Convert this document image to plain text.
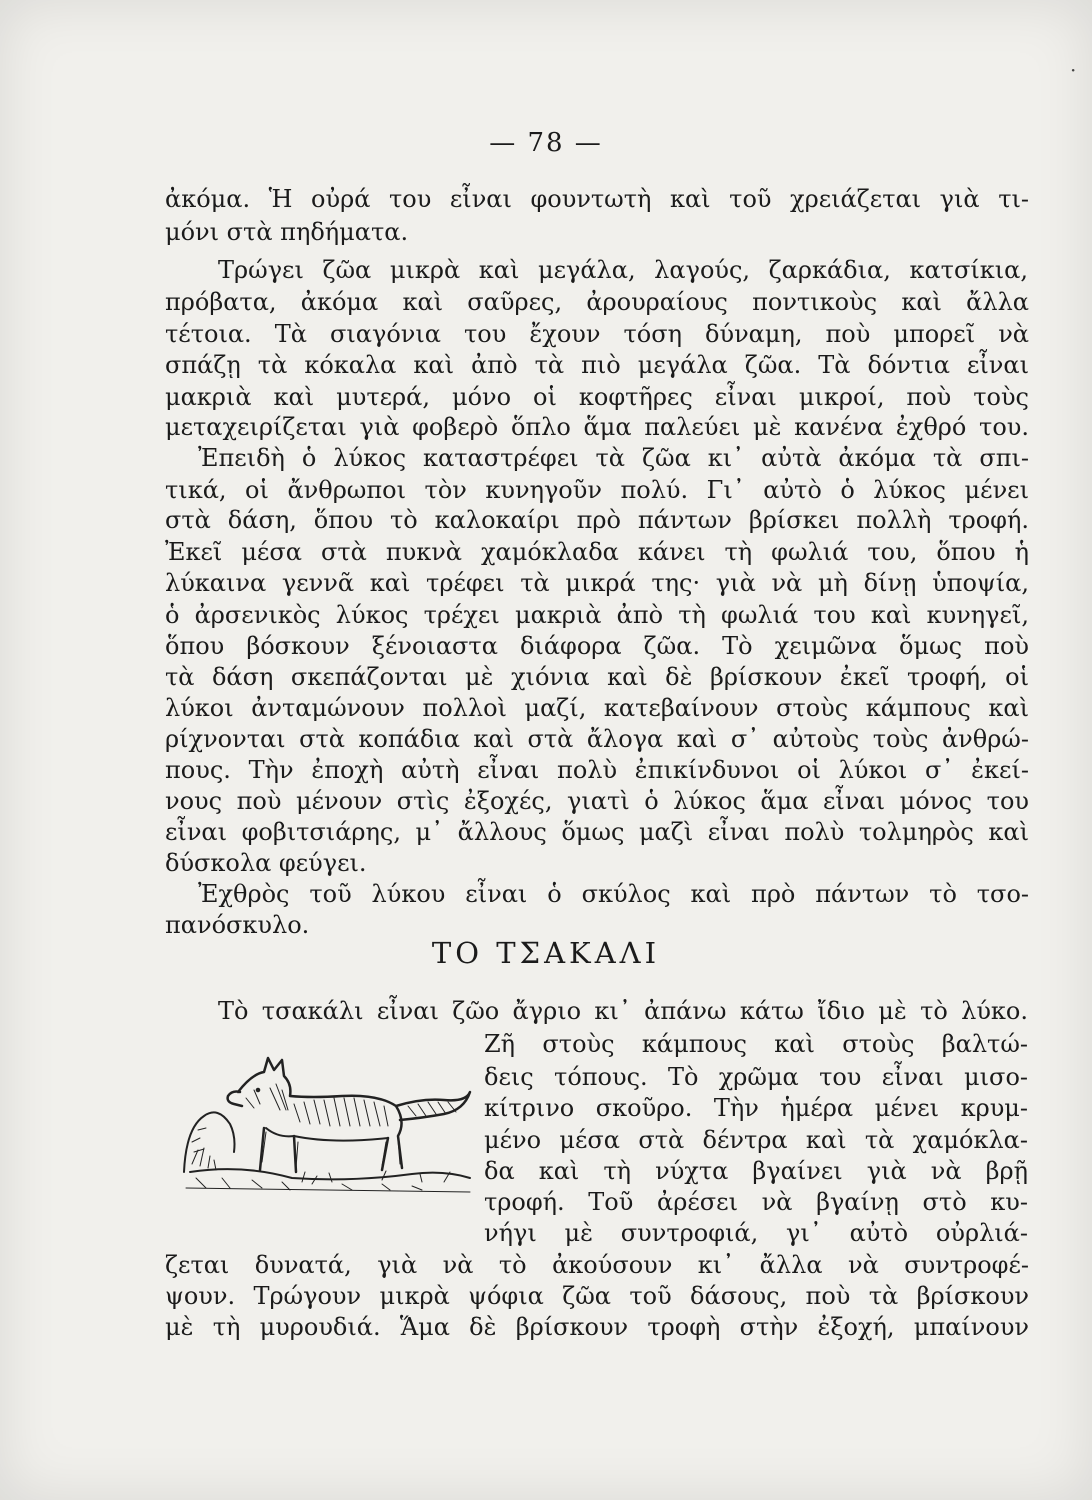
— 78 —
ἀκόμα. Ἡ οὐρά του εἶναι φουντωτὴ καὶ τοῦ χρειάζεται γιὰ τι-
μόνι στὰ πηδήματα.
Τρώγει ζῶα μικρὰ καὶ μεγάλα, λαγούς, ζαρκάδια, κατσίκια,
πρόβατα, ἀκόμα καὶ σαῦρες, ἀρουραίους ποντικοὺς καὶ ἄλλα
τέτοια. Τὰ σιαγόνια του ἔχουν τόση δύναμη, ποὺ μπορεῖ νὰ
σπάζῃ τὰ κόκαλα καὶ ἀπὸ τὰ πιὸ μεγάλα ζῶα. Τὰ δόντια εἶναι
μακριὰ καὶ μυτερά, μόνο οἱ κοφτῆρες εἶναι μικροί, ποὺ τοὺς
μεταχειρίζεται γιὰ φοβερὸ ὅπλο ἅμα παλεύει μὲ κανένα ἐχθρό του.
Ἐπειδὴ ὁ λύκος καταστρέφει τὰ ζῶα κι᾿ αὐτὰ ἀκόμα τὰ σπι-
τικά, οἱ ἄνθρωποι τὸν κυνηγοῦν πολύ. Γι᾿ αὐτὸ ὁ λύκος μένει
στὰ δάση, ὅπου τὸ καλοκαίρι πρὸ πάντων βρίσκει πολλὴ τροφή.
Ἐκεῖ μέσα στὰ πυκνὰ χαμόκλαδα κάνει τὴ φωλιά του, ὅπου ἡ
λύκαινα γεννᾶ καὶ τρέφει τὰ μικρά της· γιὰ νὰ μὴ δίνῃ ὑποψία,
ὁ ἀρσενικὸς λύκος τρέχει μακριὰ ἀπὸ τὴ φωλιά του καὶ κυνηγεῖ,
ὅπου βόσκουν ξένοιαστα διάφορα ζῶα. Τὸ χειμῶνα ὅμως ποὺ
τὰ δάση σκεπάζονται μὲ χιόνια καὶ δὲ βρίσκουν ἐκεῖ τροφή, οἱ
λύκοι ἀνταμώνουν πολλοὶ μαζί, κατεβαίνουν στοὺς κάμπους καὶ
ρίχνονται στὰ κοπάδια καὶ στὰ ἄλογα καὶ σ᾿ αὐτοὺς τοὺς ἀνθρώ-
πους. Τὴν ἐποχὴ αὐτὴ εἶναι πολὺ ἐπικίνδυνοι οἱ λύκοι σ᾿ ἐκεί-
νους ποὺ μένουν στὶς ἐξοχές, γιατὶ ὁ λύκος ἅμα εἶναι μόνος του
εἶναι φοβιτσιάρης, μ᾿ ἄλλους ὅμως μαζὶ εἶναι πολὺ τολμηρὸς καὶ
δύσκολα φεύγει.
Ἐχθρὸς τοῦ λύκου εἶναι ὁ σκύλος καὶ πρὸ πάντων τὸ τσο-
πανόσκυλο.
ΤΟ ΤΣΑΚΑΛΙ
Τὸ τσακάλι εἶναι ζῶο ἄγριο κι᾿ ἀπάνω κάτω ἴδιο μὲ τὸ λύκο.
Ζῆ στοὺς κάμπους καὶ στοὺς βαλτώ-
δεις τόπους. Τὸ χρῶμα του εἶναι μισο-
κίτρινο σκοῦρο. Τὴν ἡμέρα μένει κρυμ-
μένο μέσα στὰ δέντρα καὶ τὰ χαμόκλα-
δα καὶ τὴ νύχτα βγαίνει γιὰ νὰ βρῇ
τροφή. Τοῦ ἀρέσει νὰ βγαίνῃ στὸ κυ-
νήγι μὲ συντροφιά, γι᾿ αὐτὸ οὐρλιά-
ζεται δυνατά, γιὰ νὰ τὸ ἀκούσουν κι᾿ ἄλλα νὰ συντροφέ-
ψουν. Τρώγουν μικρὰ ψόφια ζῶα τοῦ δάσους, ποὺ τὰ βρίσκουν
μὲ τὴ μυρουδιά. Ἅμα δὲ βρίσκουν τροφὴ στὴν ἐξοχή, μπαίνουν
·
